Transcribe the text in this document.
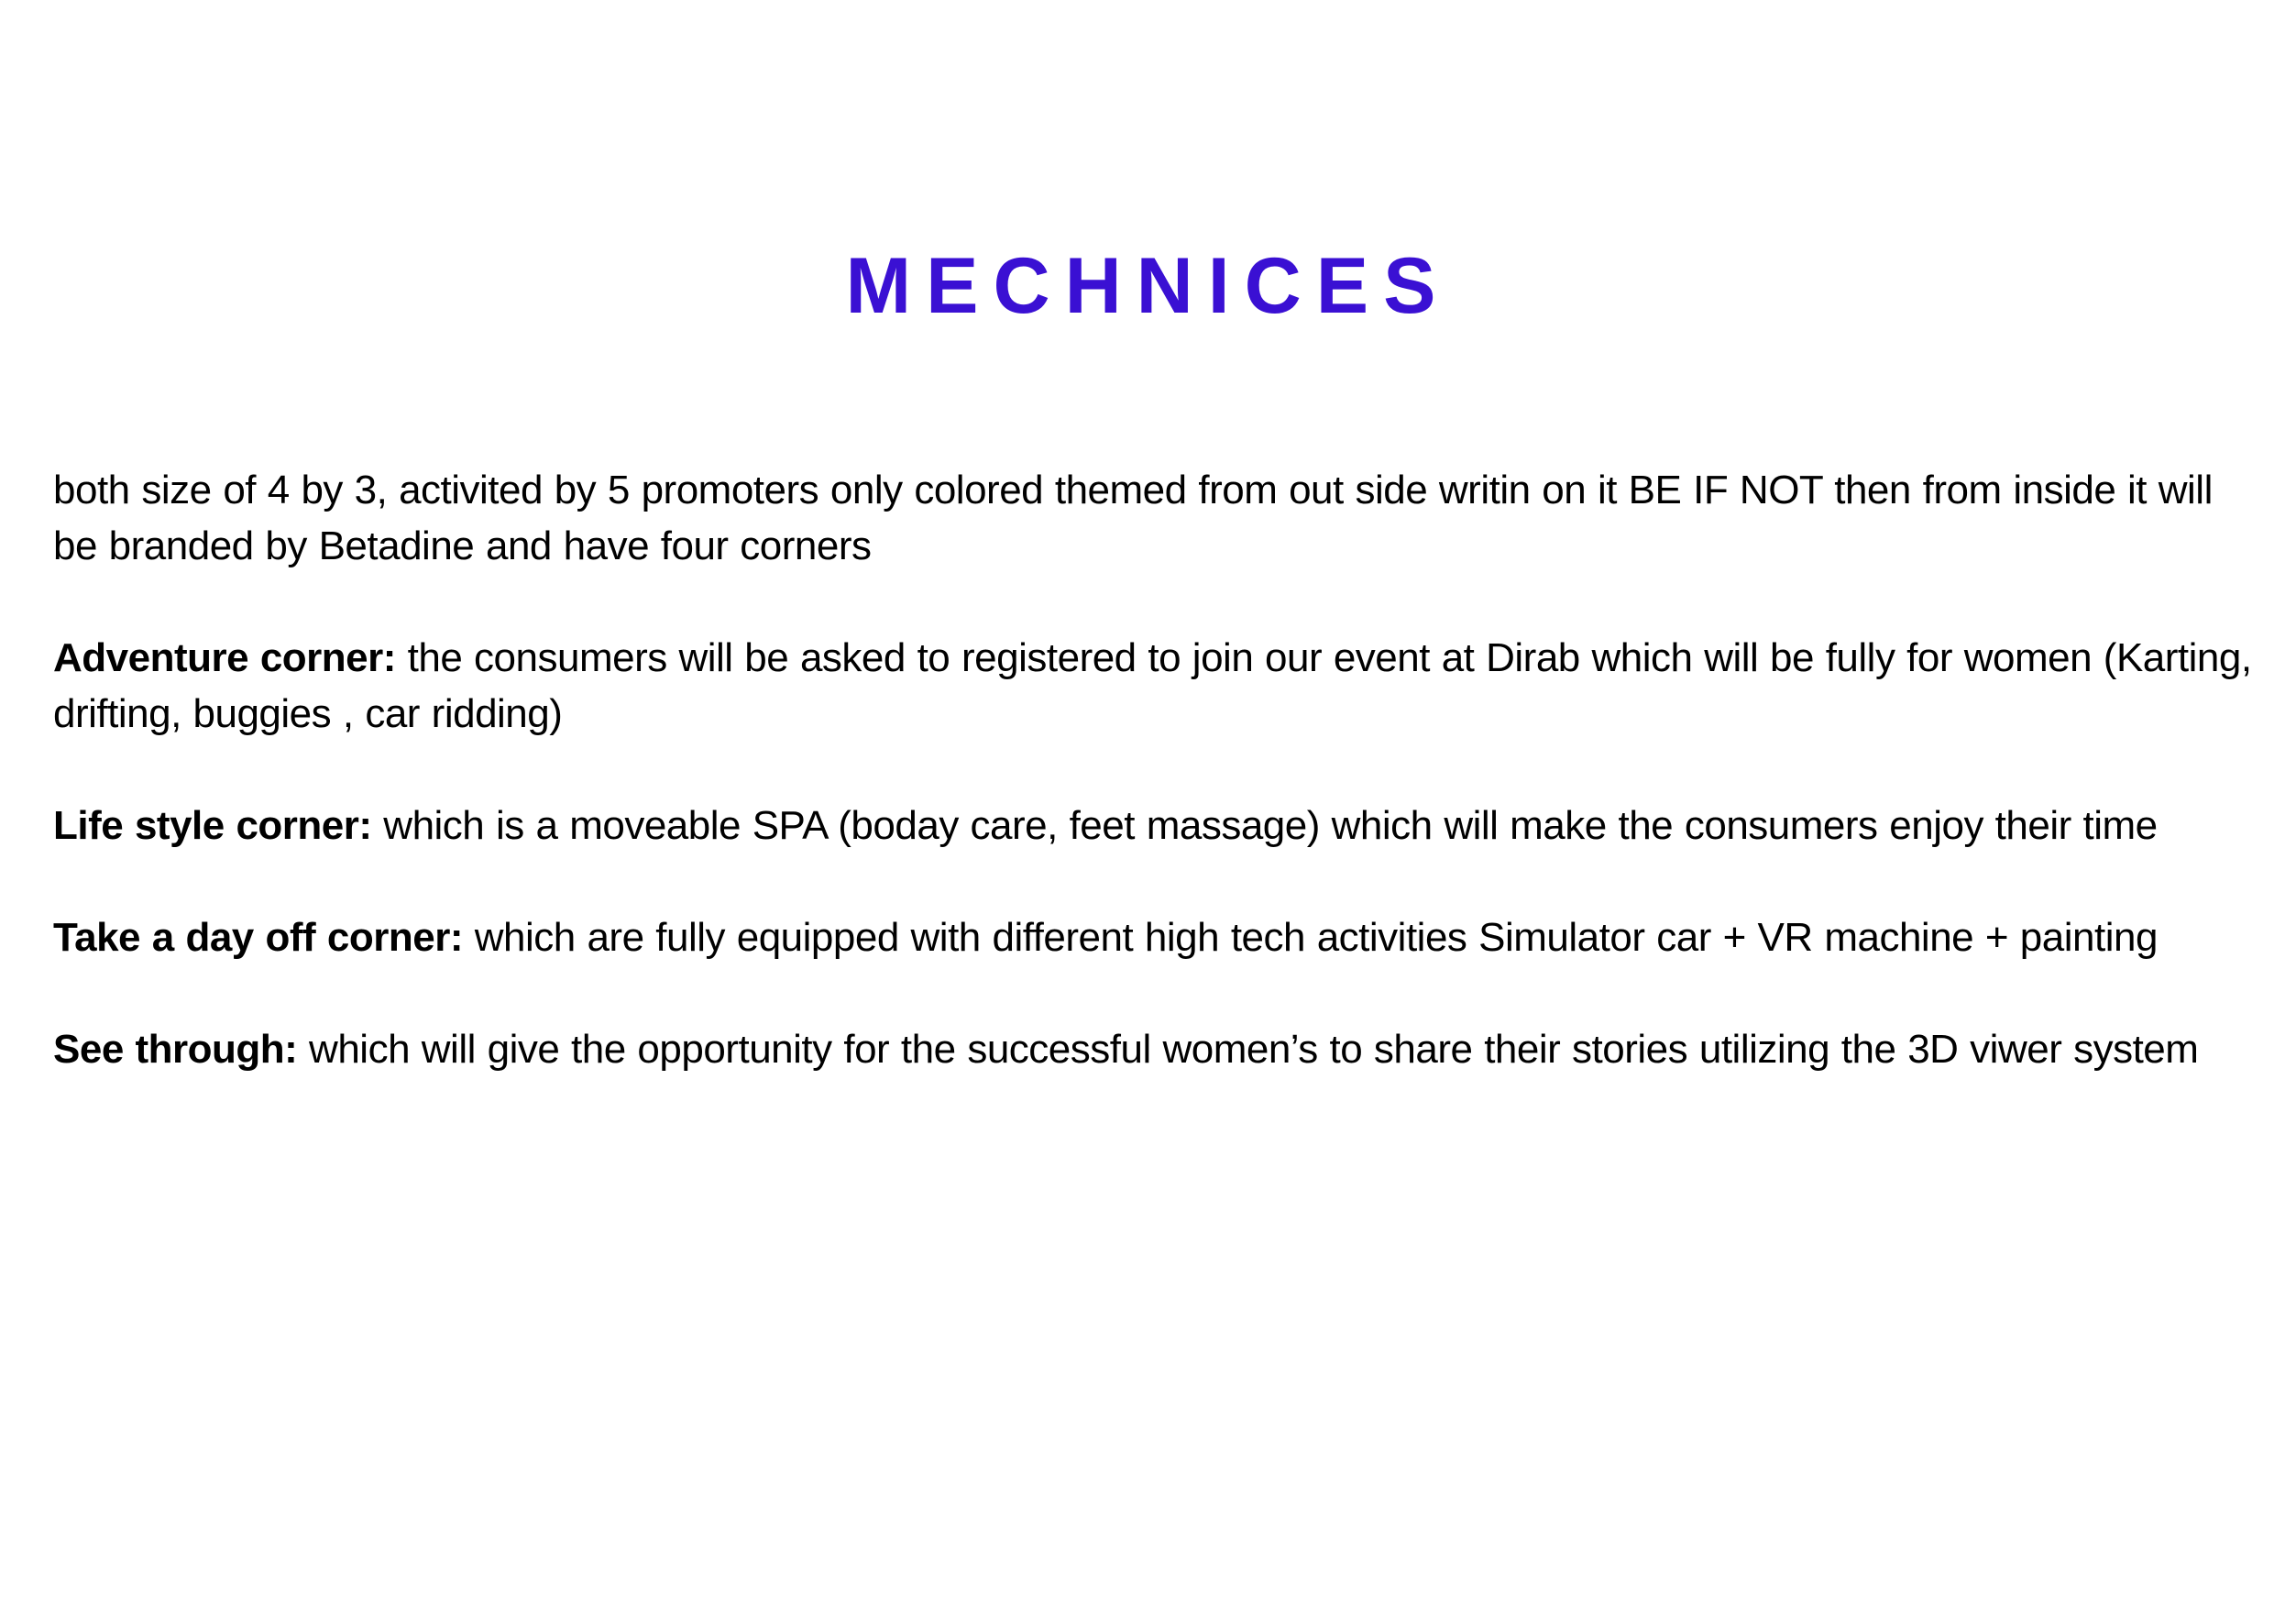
MECHNICES

both size of 4 by 3, activited by 5 promoters only colored themed from out side writin on it BE IF NOT then from inside it will be branded by Betadine and have four corners

Adventure corner: the consumers will be asked to registered to join our event at Dirab which will be fully for women (Karting, drifting, buggies , car ridding)

Life style corner: which is a moveable SPA (boday care, feet massage) which will make the consumers enjoy their time

Take a day off corner: which are fully equipped with different high tech activities Simulator car + VR machine + painting

See through: which will give the opportunity for the successful women’s to share their stories utilizing the 3D viwer system
